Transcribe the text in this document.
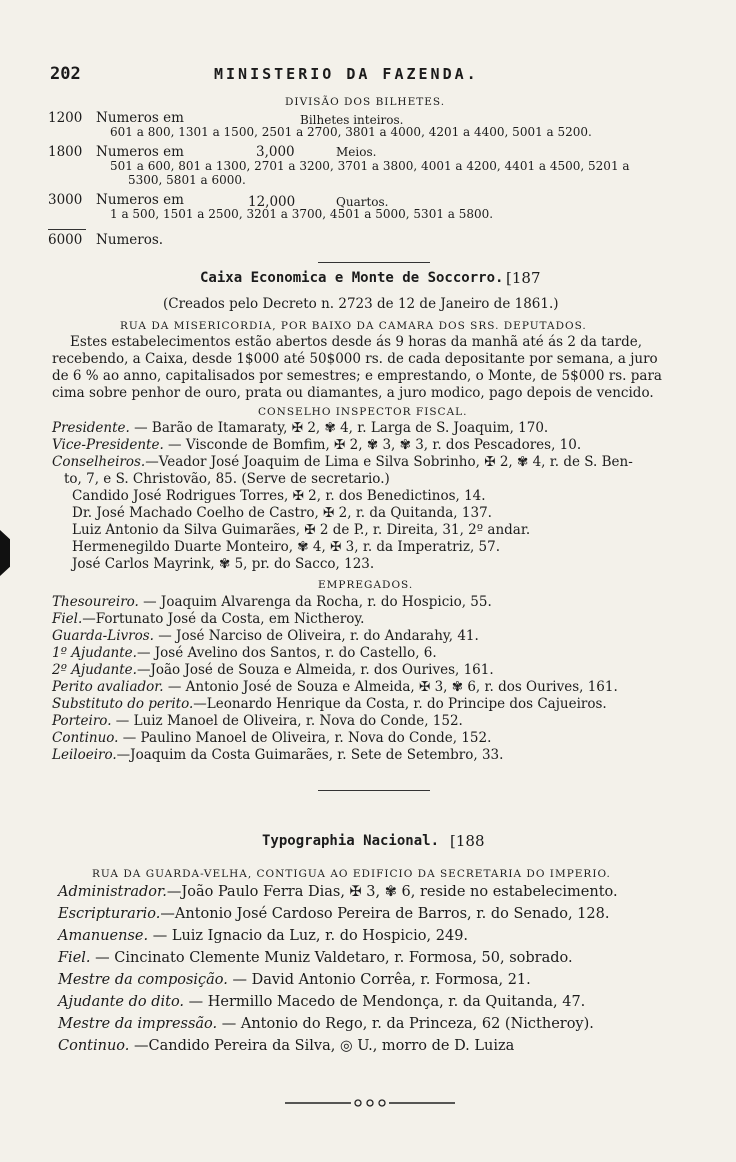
202	MINISTERIO DA FAZENDA.
DIVISÃO DOS BILHETES.
1200 Numeros em	Bilhetes inteiros.
601 a 800, 1301 a 1500, 2501 a 2700, 3801 a 4000, 4201 a 4400, 5001 a 5200.
1800 Numeros em	3,000	Meios.
501 a 600, 801 a 1300, 2701 a 3200, 3701 a 3800, 4001 a 4200, 4401 a 4500, 5201 a
5300, 5801 a 6000.
3000 Numeros em	12,000	Quartos.
1 a 500, 1501 a 2500, 3201 a 3700, 4501 a 5000, 5301 a 5800.
6000 Numeros.
Caixa Economica e Monte de Soccorro. [187
(Creados pelo Decreto n. 2723 de 12 de Janeiro de 1861.)
RUA DA MISERICORDIA, POR BAIXO DA CAMARA DOS SRS. DEPUTADOS.
Estes estabelecimentos estão abertos desde ás 9 horas da manhã até ás 2 da tarde,
recebendo, a Caixa, desde 1$000 até 50$000 rs. de cada depositante por semana, a juro
de 6 % ao anno, capitalisados por semestres; e emprestando, o Monte, de 5$000 rs. para
cima sobre penhor de ouro, prata ou diamantes, a juro modico, pago depois de vencido.
CONSELHO INSPECTOR FISCAL.
Presidente. — Barão de Itamaraty, ✠ 2, ✾ 4, r. Larga de S. Joaquim, 170.
Vice-Presidente. — Visconde de Bomfim, ✠ 2, ✾ 3, ✾ 3, r. dos Pescadores, 10.
Conselheiros.—Veador José Joaquim de Lima e Silva Sobrinho, ✠ 2, ✾ 4, r. de S. Ben-
to, 7, e S. Christovão, 85. (Serve de secretario.)
Candido José Rodrigues Torres, ✠ 2, r. dos Benedictinos, 14.
Dr. José Machado Coelho de Castro, ✠ 2, r. da Quitanda, 137.
Luiz Antonio da Silva Guimarães, ✠ 2 de P., r. Direita, 31, 2º andar.
Hermenegildo Duarte Monteiro, ✾ 4, ✠ 3, r. da Imperatriz, 57.
José Carlos Mayrink, ✾ 5, pr. do Sacco, 123.
EMPREGADOS.
Thesoureiro. — Joaquim Alvarenga da Rocha, r. do Hospicio, 55.
Fiel.—Fortunato José da Costa, em Nictheroy.
Guarda-Livros. — José Narciso de Oliveira, r. do Andarahy, 41.
1º Ajudante.— José Avelino dos Santos, r. do Castello, 6.
2º Ajudante.—João José de Souza e Almeida, r. dos Ourives, 161.
Perito avaliador. — Antonio José de Souza e Almeida, ✠ 3, ✾ 6, r. dos Ourives, 161.
Substituto do perito.—Leonardo Henrique da Costa, r. do Principe dos Cajueiros.
Porteiro. — Luiz Manoel de Oliveira, r. Nova do Conde, 152.
Continuo. — Paulino Manoel de Oliveira, r. Nova do Conde, 152.
Leiloeiro.—Joaquim da Costa Guimarães, r. Sete de Setembro, 33.
Typographia Nacional. [188
RUA DA GUARDA-VELHA, CONTIGUA AO EDIFICIO DA SECRETARIA DO IMPERIO.
Administrador.—João Paulo Ferra Dias, ✠ 3, ✾ 6, reside no estabelecimento.
Escripturario.—Antonio José Cardoso Pereira de Barros, r. do Senado, 128.
Amanuense. — Luiz Ignacio da Luz, r. do Hospicio, 249.
Fiel. — Cincinato Clemente Muniz Valdetaro, r. Formosa, 50, sobrado.
Mestre da composição. — David Antonio Corrêa, r. Formosa, 21.
Ajudante do dito. — Hermillo Macedo de Mendonça, r. da Quitanda, 47.
Mestre da impressão. — Antonio do Rego, r. da Princeza, 62 (Nictheroy).
Continuo. —Candido Pereira da Silva, ◎ U., morro de D. Luiza
